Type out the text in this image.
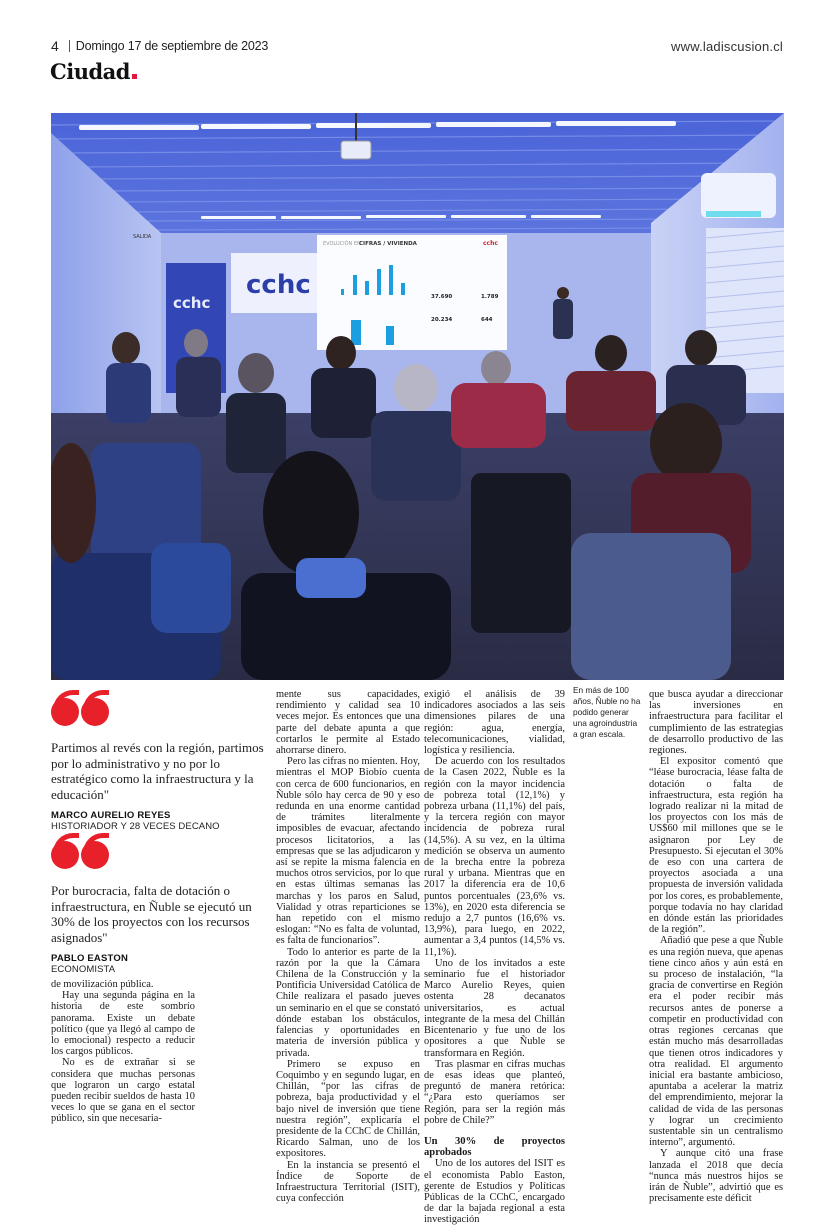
4 Domingo 17 de septiembre de 2023	www.ladiscusion.cl
Ciudad
cchc
cchc
SALIDA
EVOLUCIÓN EN
CIFRAS / VIVIENDA	cchc
37.690	1.789
20.234	644

Partimos al revés con la región, partimos por lo administrativo y no por lo estratégico como la infraestructura y la educación"

MARCO AURELIO REYES
HISTORIADOR Y 28 VECES DECANO

Por burocracia, falta de dotación o infraestructura, en Ñuble se ejecutó un 30% de los proyectos con los recursos asignados"

PABLO EASTON
ECONOMISTA

de movilización pública.

Hay una segunda página en la historia de este sombrío panorama. Existe un debate político (que ya llegó al campo de lo emocional) respecto a reducir los cargos públicos.

No es de extrañar si se considera que muchas personas que lograron un cargo estatal pueden recibir sueldos de hasta 10 veces lo que se gana en el sector público, sin que necesaria-

mente sus capacidades, rendimiento y calidad sea 10 veces mejor. Es entonces que una parte del debate apunta a que cortarlos le permite al Estado ahorrarse dinero.

Pero las cifras no mienten. Hoy, mientras el MOP Biobío cuenta con cerca de 600 funcionarios, en Ñuble sólo hay cerca de 90 y eso redunda en una enorme cantidad de trámites literalmente imposibles de evacuar, afectando procesos licitatorios, a las empresas que se las adjudicaron y así se repite la misma falencia en muchos otros servicios, por lo que en estas últimas semanas las marchas y los paros en Salud, Vialidad y otras reparticiones se han repetido con el mismo eslogan: “No es falta de voluntad, es falta de funcionarios”.

Todo lo anterior es parte de la razón por la que la Cámara Chilena de la Construcción y la Pontificia Universidad Católica de Chile realizara el pasado jueves un seminario en el que se constató dónde estaban los obstáculos, falencias y oportunidades en materia de inversión pública y privada.

Primero se expuso en Coquimbo y en segundo lugar, en Chillán, “por las cifras de pobreza, baja productividad y el bajo nivel de inversión que tiene nuestra región”, explicaría el presidente de la CChC de Chillán, Ricardo Salman, uno de los expositores.

En la instancia se presentó el Índice de Soporte de Infraestructura Territorial (ISIT), cuya confección

exigió el análisis de 39 indicadores asociados a las seis dimensiones pilares de una región: agua, energía, telecomunicaciones, vialidad, logística y resiliencia.

De acuerdo con los resultados de la Casen 2022, Ñuble es la región con la mayor incidencia de pobreza total (12,1%) y pobreza urbana (11,1%) del país, y la tercera región con mayor incidencia de pobreza rural (14,5%). A su vez, en la última medición se observa un aumento de la brecha entre la pobreza rural y urbana. Mientras que en 2017 la diferencia era de 10,6 puntos porcentuales (23,6% vs. 13%), en 2020 esta diferencia se redujo a 2,7 puntos (16,6% vs. 13,9%), para luego, en 2022, aumentar a 3,4 puntos (14,5% vs. 11,1%).

Uno de los invitados a este seminario fue el historiador Marco Aurelio Reyes, quien ostenta 28 decanatos universitarios, es actual integrante de la mesa del Chillán Bicentenario y fue uno de los opositores a que Ñuble se transformara en Región.

Tras plasmar en cifras muchas de esas ideas que planteó, preguntó de manera retórica: “¿Para esto queríamos ser Región, para ser la región más pobre de Chile?”

Un 30% de proyectos aprobados

Uno de los autores del ISIT es el economista Pablo Easton, gerente de Estudios y Políticas Públicas de la CChC, encargado de dar la bajada regional a esta investigación

En más de 100 años, Ñuble no ha podido generar una agroindustria a gran escala.

que busca ayudar a direccionar las inversiones en infraestructura para facilitar el cumplimiento de las estrategias de desarrollo productivo de las regiones.

El expositor comentó que “léase burocracia, léase falta de dotación o falta de infraestructura, esta región ha logrado realizar ni la mitad de los proyectos con los más de US$60 mil millones que se le asignaron por Ley de Presupuesto. Si ejecutan el 30% de eso con una cartera de proyectos asociada a una propuesta de inversión validada por los cores, es probablemente, porque todavía no hay claridad en dónde están las prioridades de la región”.

Añadió que pese a que Ñuble es una región nueva, que apenas tiene cinco años y aún está en su proceso de instalación, “la gracia de convertirse en Región era el poder recibir más recursos antes de ponerse a competir en productividad con otras regiones cercanas que están mucho más desarrolladas que tienen otros indicadores y otra realidad. El argumento inicial era bastante ambicioso, apuntaba a acelerar la matriz del emprendimiento, mejorar la calidad de vida de las personas y lograr un crecimiento sustentable sin un centralismo interno”, argumentó.

Y aunque citó una frase lanzada el 2018 que decía “nunca más nuestros hijos se irán de Ñuble”, advirtió que es precisamente este déficit
